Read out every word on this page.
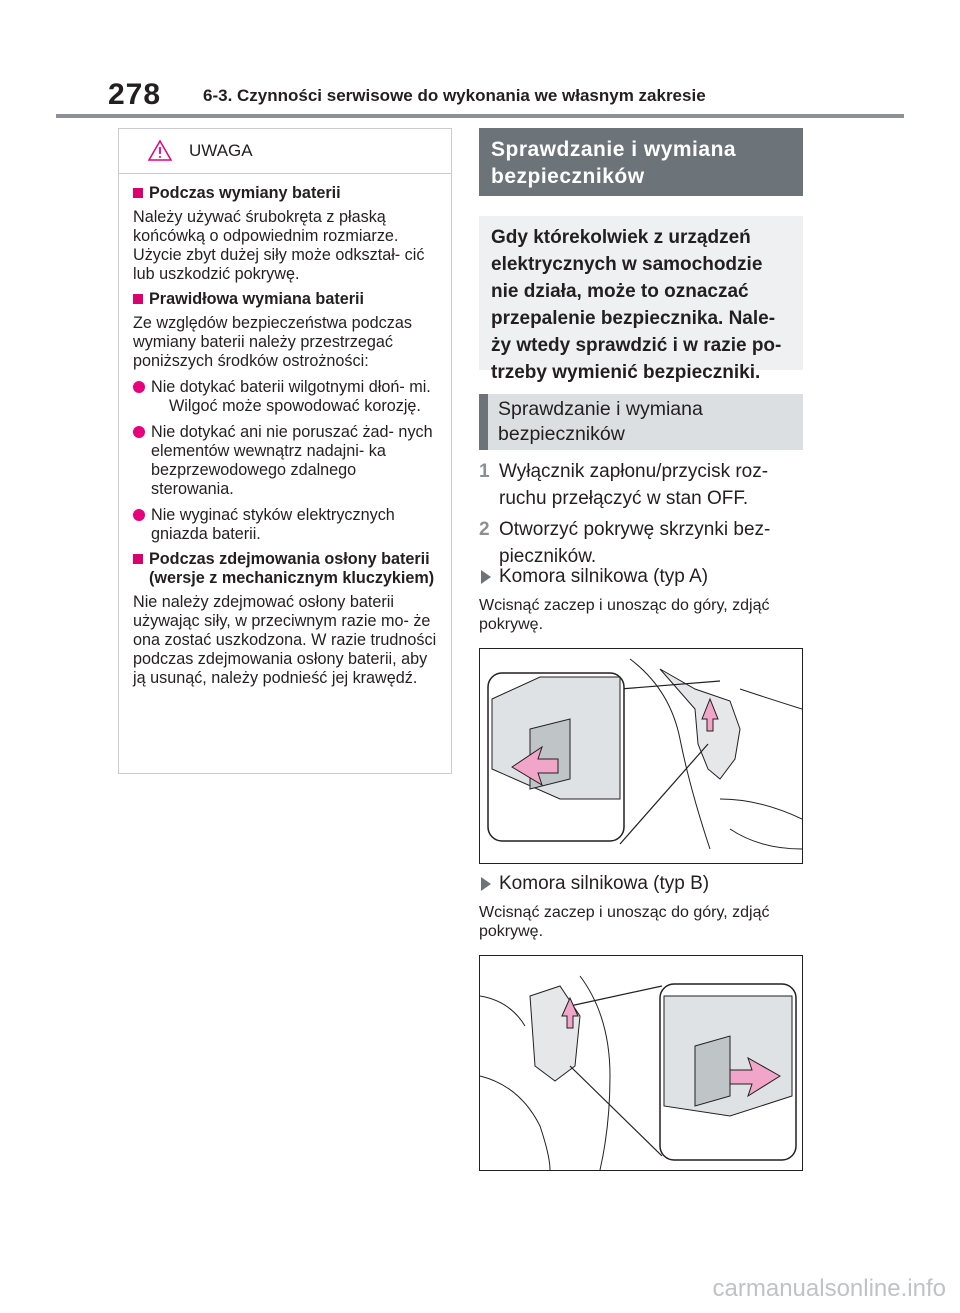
278 6-3. Czynności serwisowe do wykonania we własnym zakresie
UWAGA
Podczas wymiany baterii
Należy używać śrubokręta z płaską końcówką o odpowiednim rozmiarze. Użycie zbyt dużej siły może odkształ- cić lub uszkodzić pokrywę.
Prawidłowa wymiana baterii
Ze względów bezpieczeństwa podczas wymiany baterii należy przestrzegać poniższych środków ostrożności:
Nie dotykać baterii wilgotnymi dłoń- mi.
Wilgoć może spowodować korozję.
Nie dotykać ani nie poruszać żad- nych elementów wewnątrz nadajni- ka bezprzewodowego zdalnego sterowania.
Nie wyginać styków elektrycznych gniazda baterii.
Podczas zdejmowania osłony baterii (wersje z mechanicznym kluczykiem)
Nie należy zdejmować osłony baterii używając siły, w przeciwnym razie mo- że ona zostać uszkodzona. W razie trudności podczas zdejmowania osłony baterii, aby ją usunąć, należy podnieść jej krawędź.
Sprawdzanie i wymiana bezpieczników
Gdy którekolwiek z urządzeń elektrycznych w samochodzie nie działa, może to oznaczać przepalenie bezpiecznika. Nale- ży wtedy sprawdzić i w razie po- trzeby wymienić bezpieczniki.
Sprawdzanie i wymiana bezpieczników
1 Wyłącznik zapłonu/przycisk roz- ruchu przełączyć w stan OFF.
2 Otworzyć pokrywę skrzynki bez- pieczników.
Komora silnikowa (typ A)
Wcisnąć zaczep i unosząc do góry, zdjąć pokrywę.
Komora silnikowa (typ B)
Wcisnąć zaczep i unosząc do góry, zdjąć pokrywę.
carmanualsonline.info
